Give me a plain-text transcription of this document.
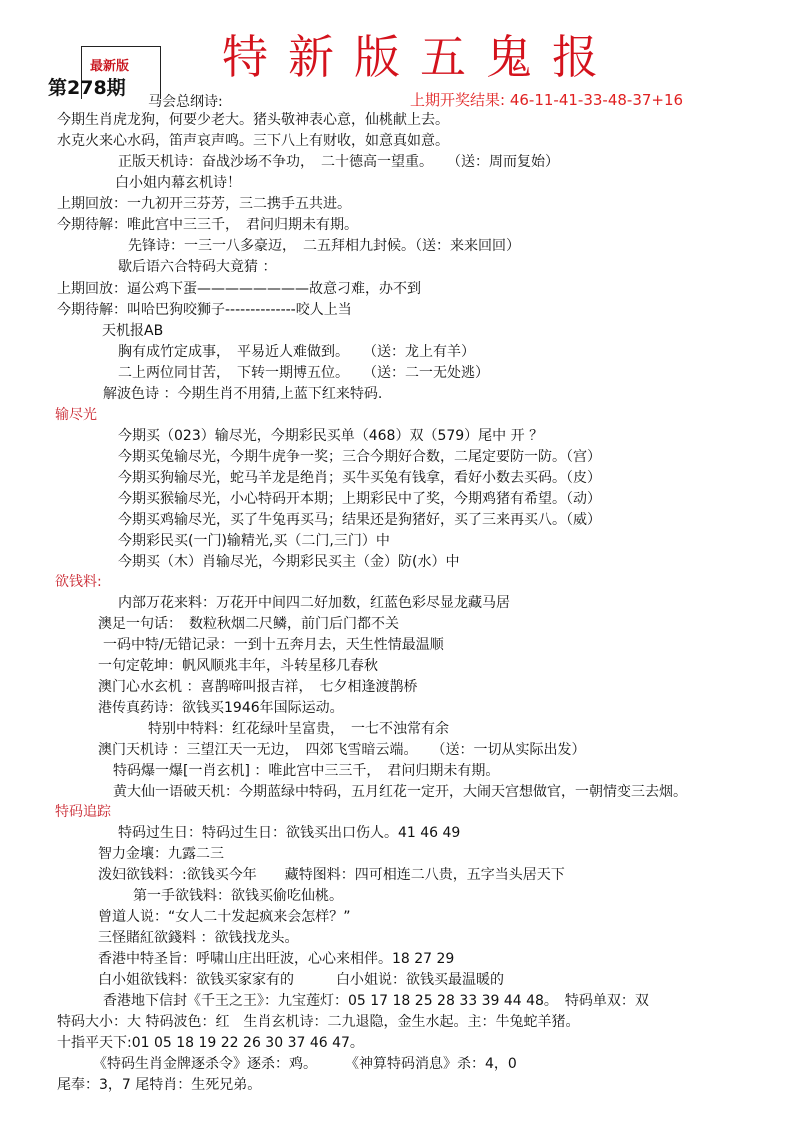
特新版五鬼报
最新版
第278期
马会总纲诗:	上期开奖结果: 46-11-41-33-48-37+16
今期生肖虎龙狗，何要少老大。猪头敬神表心意，仙桃献上去。
水克火来心水码，笛声哀声鸣。三下八上有财收，如意真如意。
正版天机诗：奋战沙场不争功，　二十德高一望重。　　（送：周而复始）
白小姐内幕玄机诗！
上期回放：一九初开三芬芳，三二携手五共进。
今期待解：唯此宫中三三千，　君问归期未有期。
先锋诗：一三一八多豪迈，　二五拜相九封候。（送：来来回回）
歇后语六合特码大竟猜 ：
上期回放：逼公鸡下蛋————————故意刁难，办不到
今期待解：叫哈巴狗咬狮子--------------咬人上当
天机报AB
胸有成竹定成事，　平易近人难做到。　　（送：龙上有羊）
二上两位同甘苦，　下转一期博五位。　　（送：二一无处逃）
解波色诗 ：今期生肖不用猜,上蓝下红来特码.
输尽光
今期买（023）输尽光，今期彩民买单（468）双（579）尾中 开 ？
今期买兔输尽光，今期牛虎争一奖；三合今期好合数，二尾定要防一防。（宫）
今期买狗输尽光，蛇马羊龙是绝肖；买牛买兔有钱拿，看好小数去买码。（皮）
今期买猴输尽光，小心特码开本期；上期彩民中了奖，今期鸡猪有希望。（动）
今期买鸡输尽光，买了牛兔再买马；结果还是狗猪好，买了三来再买八。（威）
今期彩民买(一门)输精光,买（二门,三门）中
今期买（木）肖输尽光，今期彩民买主（金）防(水）中
欲钱料:
内部万花来料：万花开中间四二好加数，红蓝色彩尽显龙藏马居
澳足一句话：　数粒秋烟二尺鳞，前门后门都不关
一码中特/无错记录：一到十五奔月去，天生性情最温顺
一句定乾坤：帆风顺兆丰年，斗转星移几春秋
澳门心水玄机 ：喜鹊啼叫报吉祥，　七夕相逢渡鹊桥
港传真药诗：欲钱买1946年国际运动。
特别中特料：红花绿叶呈富贵，　一七不浊常有余
澳门天机诗 ：三望江天一无边，　四郊飞雪暗云端。　　（送：一切从实际出发）
特码爆一爆[一肖玄机] ：唯此宫中三三千，　君问归期未有期。
黄大仙一语破天机：今期蓝绿中特码，五月红花一定开，大闹天宫想做官，一朝情变三去烟。
特码追踪
特码过生日：特码过生日：欲钱买出口伤人。41 46 49
智力金壤：九露二三
泼妇欲钱料：:欲钱买今年　　藏特图料：四可相连二八贵，五字当头居天下
第一手欲钱料：欲钱买偷吃仙桃。
曾道人说：“女人二十发起疯来会怎样？”
三怪賭紅欲錢料 ：欲钱找龙头。
香港中特圣旨：呼啸山庄出旺波，心心来相伴。18 27 29
白小姐欲钱料：欲钱买家家有的　　　白小姐说：欲钱买最温暖的
香港地下信封《千王之王》：九宝莲灯：05 17 18 25 28 33 39 44 48。　特码单双：双
特码大小：大 特码波色：红　生肖玄机诗：二九退隐，金生水起。主：牛兔蛇羊猪。
十指平天下:01 05 18 19 22 26 30 37 46 47。
《特码生肖金牌逐杀令》逐杀：鸡。　　　《神算特码消息》杀：4，0
尾奉：3，7 尾特肖：生死兄弟。
